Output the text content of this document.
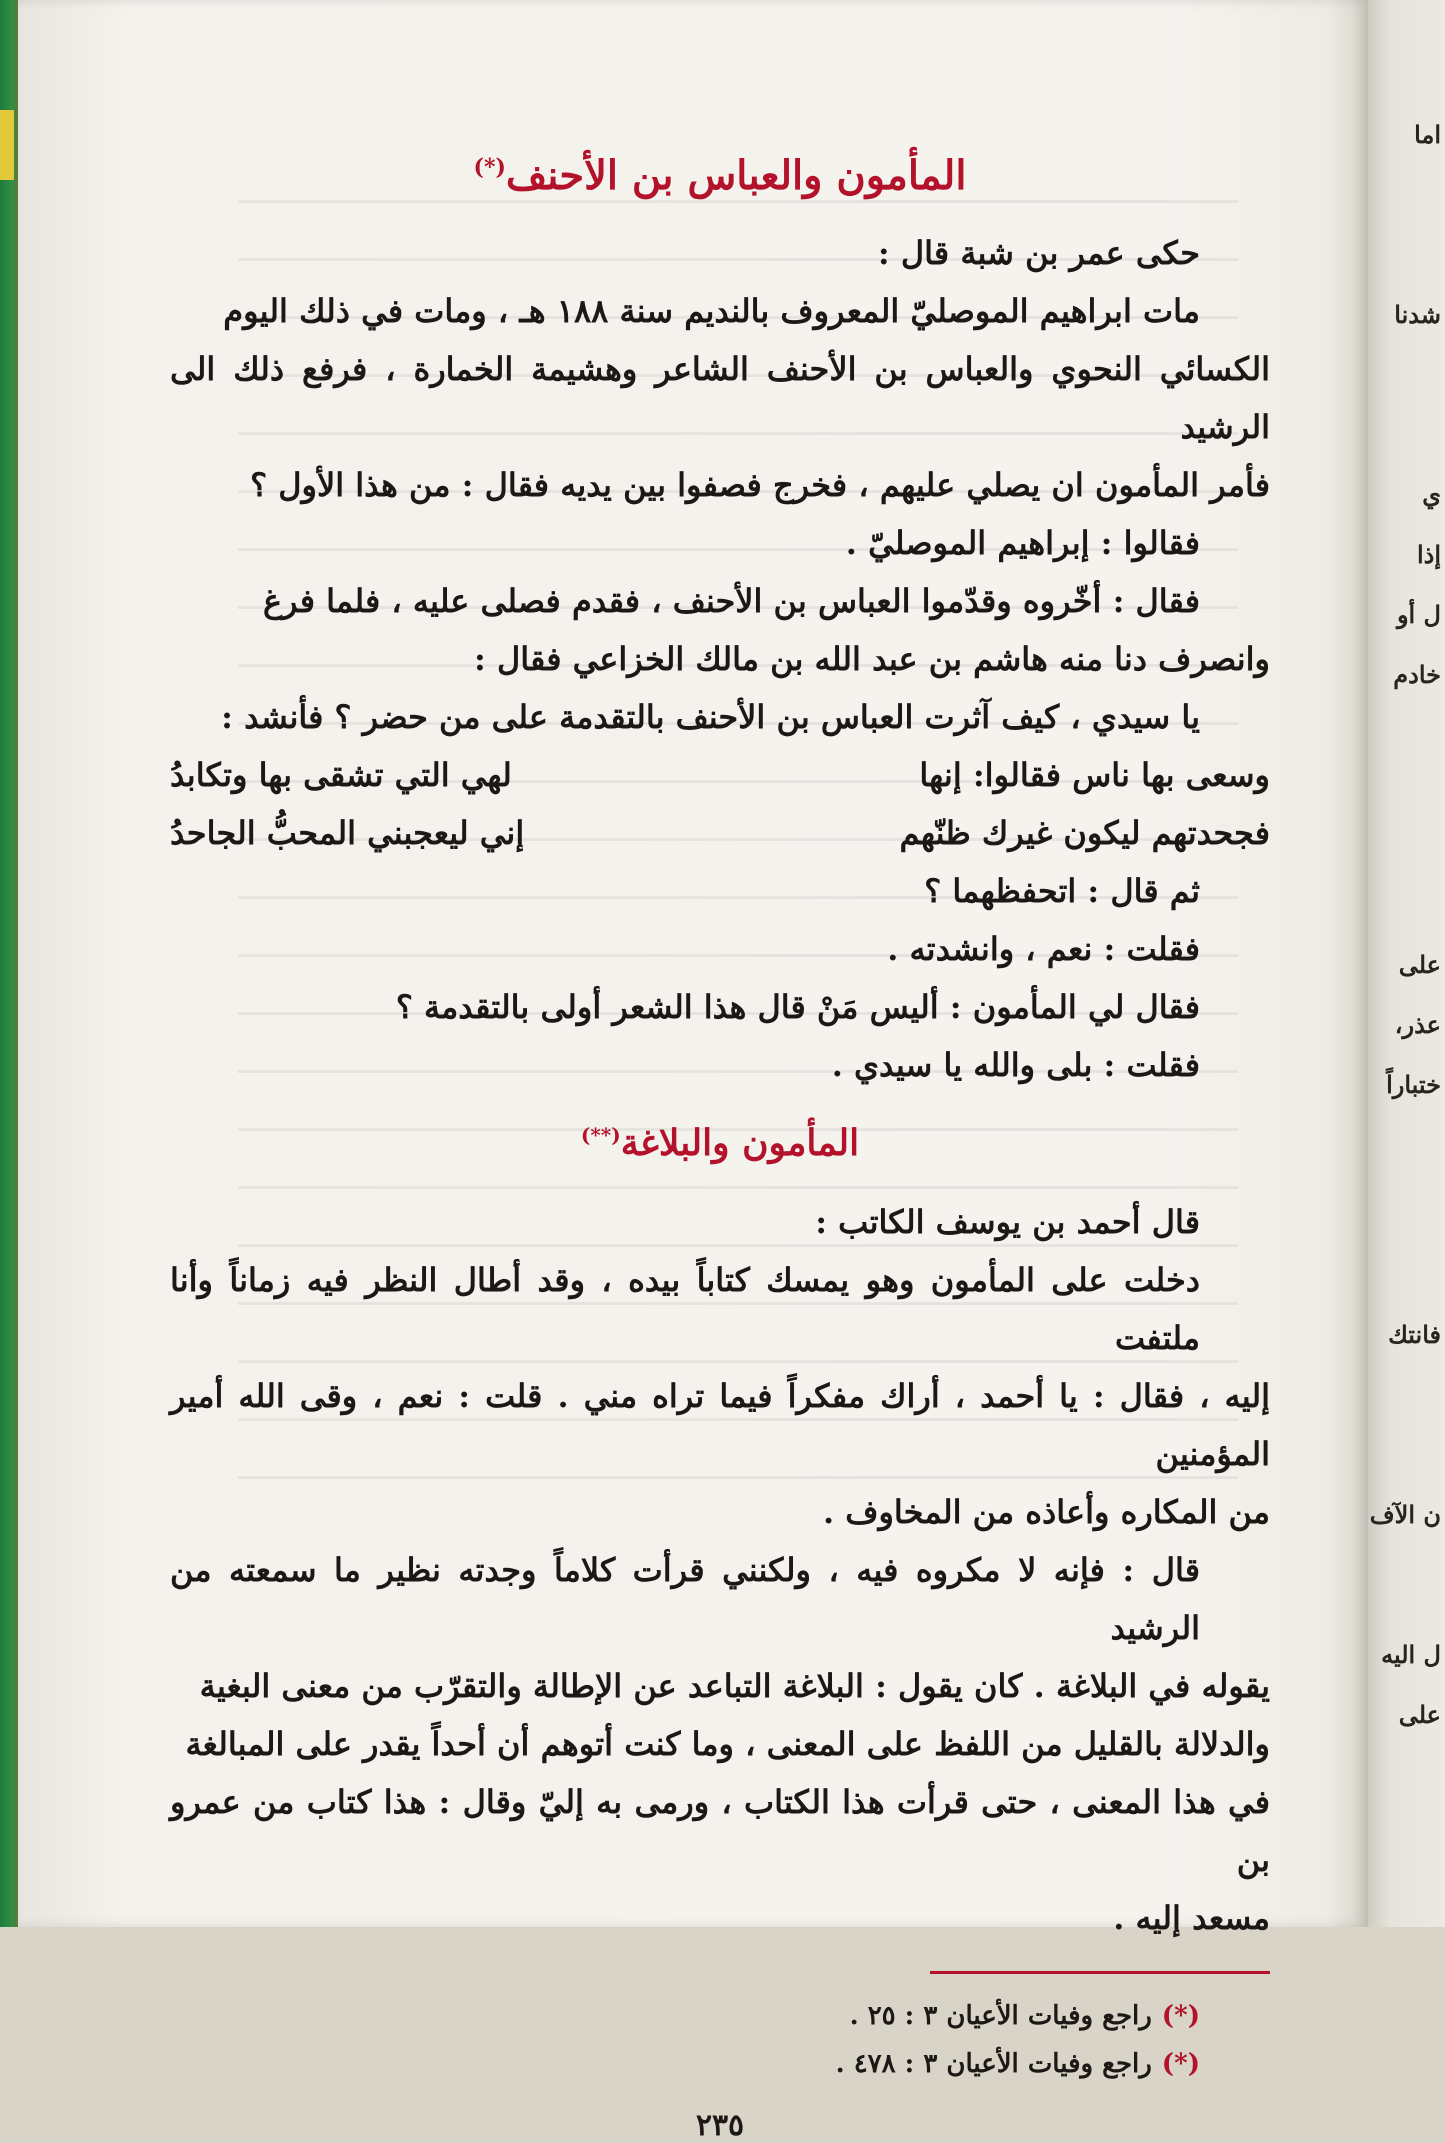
اما
شدنا
ي
إذا
ل أو
خادم
على
عذر،
ختباراً
فانتك
ن الآف
ل اليه
على
المأمون والعباس بن الأحنف(*)

حكى عمر بن شبة قال :

مات ابراهيم الموصليّ المعروف بالنديم سنة ١٨٨ هـ ، ومات في ذلك اليوم

الكسائي النحوي والعباس بن الأحنف الشاعر وهشيمة الخمارة ، فرفع ذلك الى الرشيد

فأمر المأمون ان يصلي عليهم ، فخرج فصفوا بين يديه فقال : من هذا الأول ؟

فقالوا : إبراهيم الموصليّ .

فقال : أخّروه وقدّموا العباس بن الأحنف ، فقدم فصلى عليه ، فلما فرغ

وانصرف دنا منه هاشم بن عبد الله بن مالك الخزاعي فقال :

يا سيدي ، كيف آثرت العباس بن الأحنف بالتقدمة على من حضر ؟ فأنشد :

وسعى بها ناس فقالوا: إنها
لهي التي تشقى بها وتكابدُ
فجحدتهم ليكون غيرك ظنّهم
إني ليعجبني المحبُّ الجاحدُ

ثم قال : اتحفظهما ؟

فقلت : نعم ، وانشدته .

فقال لي المأمون : أليس مَنْ قال هذا الشعر أولى بالتقدمة ؟

فقلت : بلى والله يا سيدي .

المأمون والبلاغة(**)

قال أحمد بن يوسف الكاتب :

دخلت على المأمون وهو يمسك كتاباً بيده ، وقد أطال النظر فيه زماناً وأنا ملتفت

إليه ، فقال : يا أحمد ، أراك مفكراً فيما تراه مني . قلت : نعم ، وقى الله أمير المؤمنين

من المكاره وأعاذه من المخاوف .

قال : فإنه لا مكروه فيه ، ولكنني قرأت كلاماً وجدته نظير ما سمعته من الرشيد

يقوله في البلاغة . كان يقول : البلاغة التباعد عن الإطالة والتقرّب من معنى البغية

والدلالة بالقليل من اللفظ على المعنى ، وما كنت أتوهم أن أحداً يقدر على المبالغة

في هذا المعنى ، حتى قرأت هذا الكتاب ، ورمى به إليّ وقال : هذا كتاب من عمرو بن

مسعد إليه .

(*)راجع وفيات الأعيان ٣ : ٢٥ .
(*)راجع وفيات الأعيان ٣ : ٤٧٨ .
٢٣٥
